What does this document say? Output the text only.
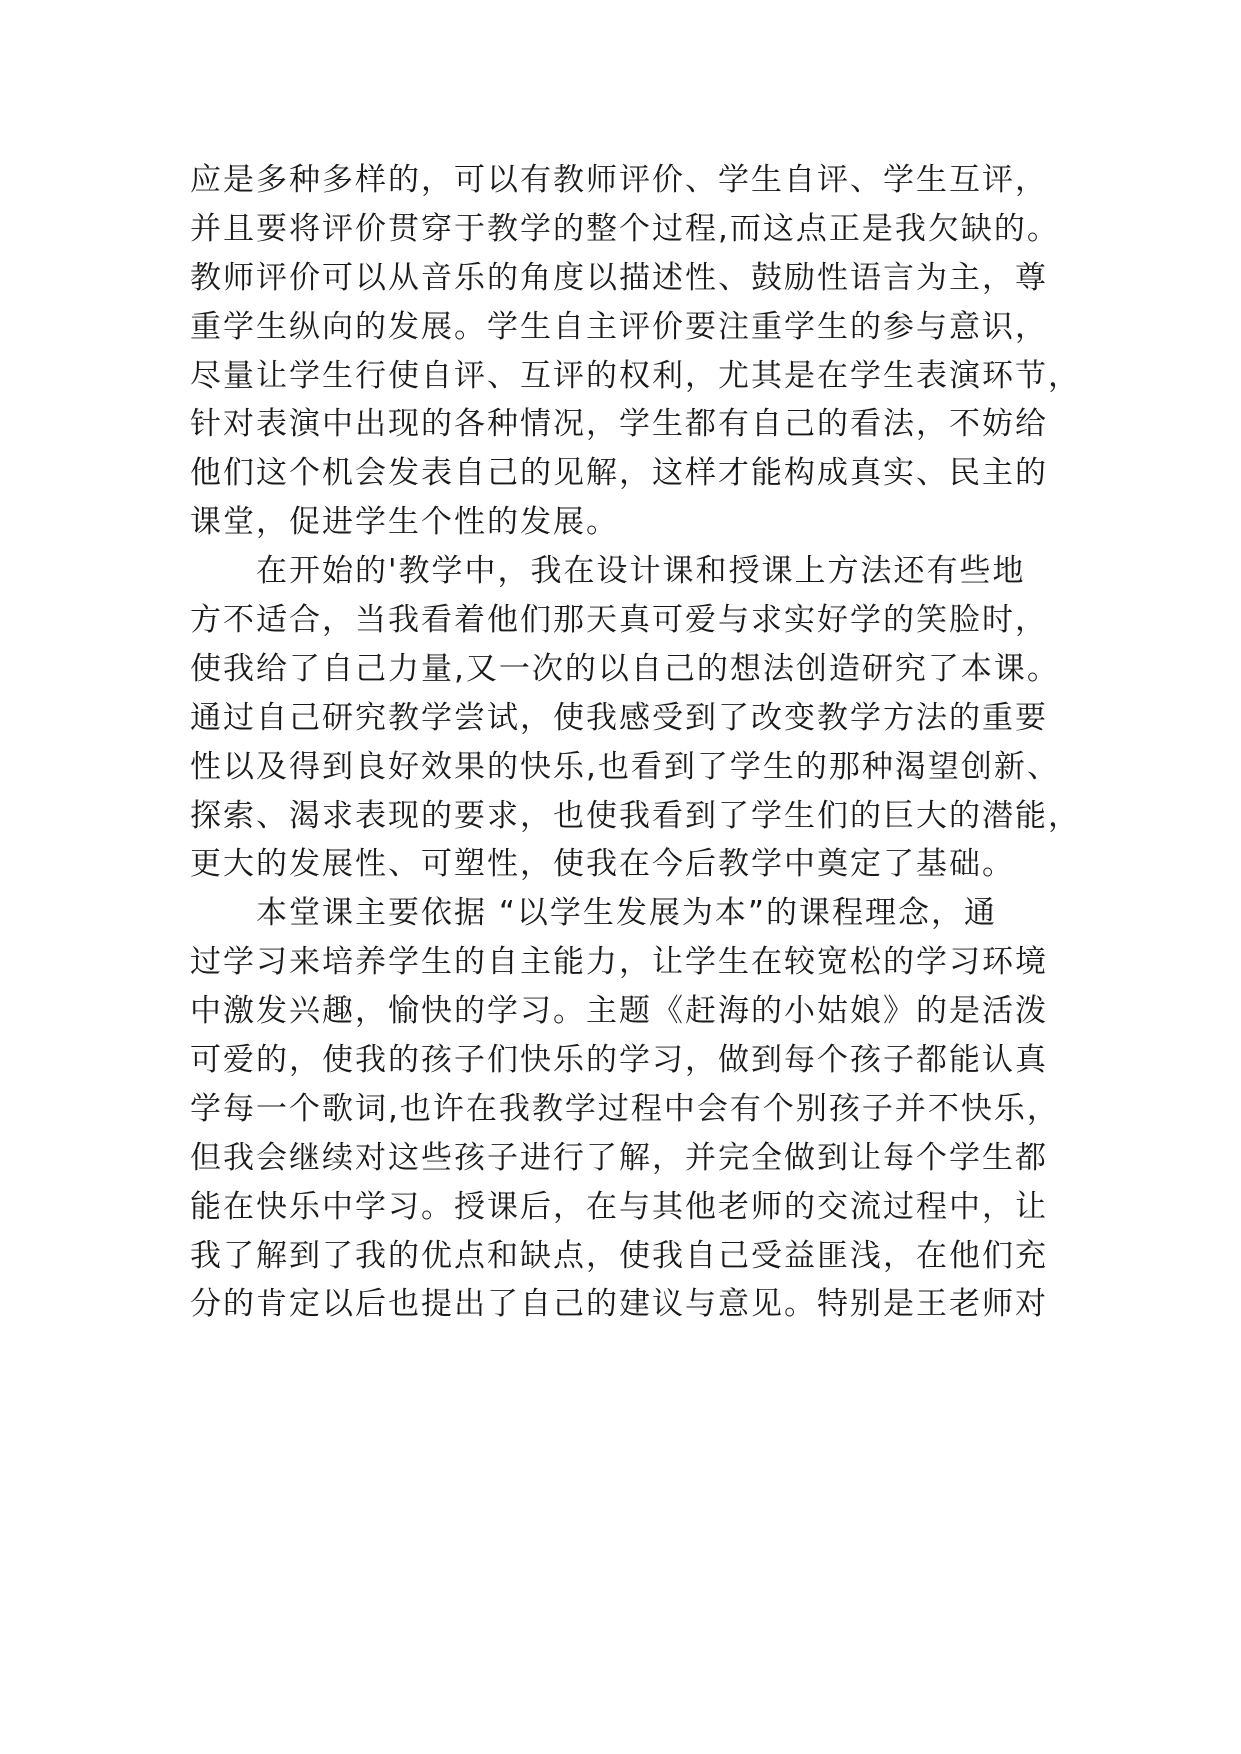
应是多种多样的，可以有教师评价、学生自评、学生互评，
并且要将评价贯穿于教学的整个过程,而这点正是我欠缺的。
教师评价可以从音乐的角度以描述性、鼓励性语言为主，尊
重学生纵向的发展。学生自主评价要注重学生的参与意识，
尽量让学生行使自评、互评的权利，尤其是在学生表演环节，
针对表演中出现的各种情况，学生都有自己的看法，不妨给
他们这个机会发表自己的见解，这样才能构成真实、民主的
课堂，促进学生个性的发展。
　　在开始的'教学中，我在设计课和授课上方法还有些地
方不适合，当我看着他们那天真可爱与求实好学的笑脸时，
使我给了自己力量,又一次的以自己的想法创造研究了本课。
通过自己研究教学尝试，使我感受到了改变教学方法的重要
性以及得到良好效果的快乐,也看到了学生的那种渴望创新、
探索、渴求表现的要求，也使我看到了学生们的巨大的潜能，
更大的发展性、可塑性，使我在今后教学中奠定了基础。
　　本堂课主要依据 “以学生发展为本”的课程理念，通
过学习来培养学生的自主能力，让学生在较宽松的学习环境
中激发兴趣，愉快的学习。主题《赶海的小姑娘》的是活泼
可爱的，使我的孩子们快乐的学习，做到每个孩子都能认真
学每一个歌词,也许在我教学过程中会有个别孩子并不快乐，
但我会继续对这些孩子进行了解，并完全做到让每个学生都
能在快乐中学习。授课后，在与其他老师的交流过程中，让
我了解到了我的优点和缺点，使我自己受益匪浅，在他们充
分的肯定以后也提出了自己的建议与意见。特别是王老师对
